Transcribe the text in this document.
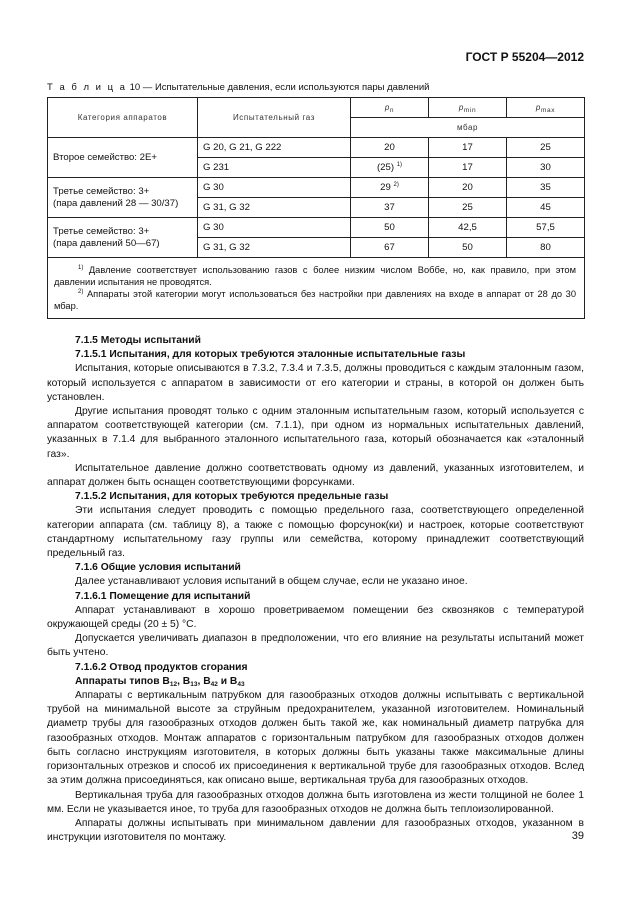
ГОСТ Р 55204—2012
Т а б л и ц а 10 — Испытательные давления, если используются пары давлений
Категория аппаратов	Испытательный газ	$p_n$	$p_{min}$	$p_{max}$
		мбар		
Второе семейство: 2Е+	G 20, G 21, G 222	20	17	25
	G 231	(25) $^{1)}$	17	30
Третье семейство: 3+
(пара давлений 28 — 30/37)	G 30	29 $^{2)}$	20	35
	G 31, G 32	37	25	45
Третье семейство: 3+
(пара давлений 50—67)	G 30	50	42,5	57,5
	G 31, G 32	67	50	80

$^{1)}$ Давление соответствует использованию газов с более низким числом Воббе, но, как правило, при этом давлении испытания не проводятся.
$^{2)}$ Аппараты этой категории могут использоваться без настройки при давлениях на входе в аппарат от 28 до 30 мбар.				

7.1.5 Методы испытаний

7.1.5.1 Испытания, для которых требуются эталонные испытательные газы

Испытания, которые описываются в 7.3.2, 7.3.4 и 7.3.5, должны проводиться с каждым эталонным газом, который используется с аппаратом в зависимости от его категории и страны, в которой он должен быть установлен.

Другие испытания проводят только с одним эталонным испытательным газом, который используется с аппаратом соответствующей категории (см. 7.1.1), при одном из нормальных испытательных давлений, указанных в 7.1.4 для выбранного эталонного испытательного газа, который обозначается как «эталонный газ».

Испытательное давление должно соответствовать одному из давлений, указанных изготовителем, и аппарат должен быть оснащен соответствующими форсунками.

7.1.5.2 Испытания, для которых требуются предельные газы

Эти испытания следует проводить с помощью предельного газа, соответствующего определенной категории аппарата (см. таблицу 8), а также с помощью форсунок(ки) и настроек, которые соответствуют стандартному испытательному газу группы или семейства, которому принадлежит соответствующий предельный газ.

7.1.6 Общие условия испытаний

Далее устанавливают условия испытаний в общем случае, если не указано иное.

7.1.6.1 Помещение для испытаний

Аппарат устанавливают в хорошо проветриваемом помещении без сквозняков с температурой окружающей среды (20 ± 5) °С.

Допускается увеличивать диапазон в предположении, что его влияние на результаты испытаний может быть учтено.

7.1.6.2 Отвод продуктов сгорания

Аппараты типов $B_{12}$, $B_{13}$, $B_{42}$ и $B_{43}$

Аппараты с вертикальным патрубком для газообразных отходов должны испытывать с вертикальной трубой на минимальной высоте за струйным предохранителем, указанной изготовителем. Номинальный диаметр трубы для газообразных отходов должен быть такой же, как номинальный диаметр патрубка для газообразных отходов. Монтаж аппаратов с горизонтальным патрубком для газообразных отходов должен быть согласно инструкциям изготовителя, в которых должны быть указаны также максимальные длины горизонтальных отрезков и способ их присоединения к вертикальной трубе для газообразных отходов. Вслед за этим должна присоединяться, как описано выше, вертикальная труба для газообразных отходов.

Вертикальная труба для газообразных отходов должна быть изготовлена из жести толщиной не более 1 мм. Если не указывается иное, то труба для газообразных отходов не должна быть теплоизолированной.

Аппараты должны испытывать при минимальном давлении для газообразных отходов, указанном в инструкции изготовителя по монтажу.	39
